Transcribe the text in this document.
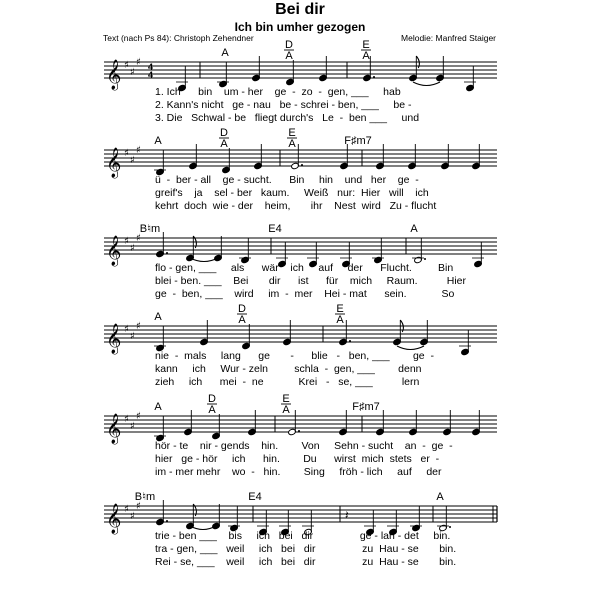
Bei dir
Ich bin umher gezogen
Text (nach Ps 84): Christoph Zehendner	Melodie: Manfred Staiger
𝄞 ♯
♯
♯ 4
4
A
D
A
E
A
1. Ich      bin    um - her    ge  -  zo  -  gen, ___     hab
2. Kann's nicht   ge - nau   be - schrei - ben, ___     be -
3. Die   Schwal - be   fliegt durch's   Le  -  ben ___     und
𝄞 ♯
♯
♯
A
D
A
E
A	F♯m7
ü  -  ber - all    ge - sucht.      Bin     hin    und   her    ge  -
greif's    ja    sel - ber   kaum.     Weiß   nur:  Hier   will    ich
kehrt  doch  wie - der    heim,       ihr    Nest  wird   Zu - flucht
𝄞 ♯
♯
♯
B♮m	E4	A
flo - gen, ___     als      wär    ich     auf     der      Flucht.         Bin
blei - ben. ___    Bei       dir      ist      für    mich     Raum.          Hier
ge  -  ben, ___    wird     im  -  mer    Hei - mat      sein.            So
𝄞 ♯
♯
♯
A
D
A
E
A
nie  -  mals     lang      ge       -      blie   -   ben, ___        ge  -
kann     ich     Wur - zeln         schla  -  gen, ___        denn
zieh     ich      mei  -  ne            Krei   -   se, ___          lern
𝄞 ♯
♯
♯
A
D
A
E
A	F♯m7
hör - te    nir - gends    hin.        Von     Sehn - sucht    an  -  ge  -
hier   ge - hör     ich      hin.        Du      wirst  mich  stets   er  -
im - mer mehr    wo  -   hin.        Sing     fröh - lich     auf     der
𝄞 ♯
♯
♯
B♮m	E4	A
𝄽
trie - ben ___    bis     ich   bei   dir                ge - lan - det     bin.
tra - gen, ___   weil     ich   bei   dir                zu  Hau - se       bin.
Rei - se, ___    weil     ich   bei   dir                zu  Hau - se       bin.
